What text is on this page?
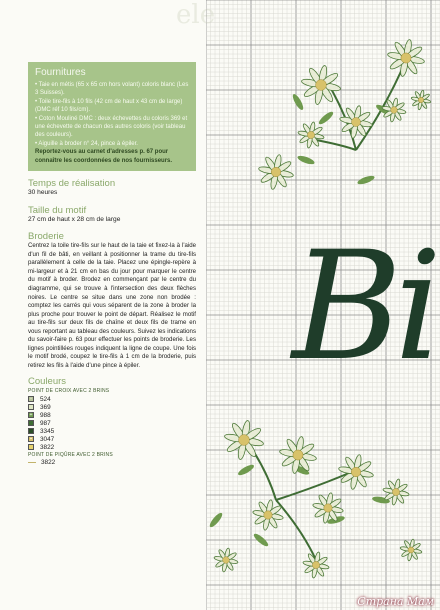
ele
Fournitures

• Taie en métis (65 x 65 cm hors volant) coloris blanc (Les 3 Suisses).

• Toile tire-fils à 10 fils (42 cm de haut x 43 cm de large) (DMC réf 10 fils/cm).

• Coton Mouliné DMC : deux échevettes du coloris 369 et une échevette de chacun des autres coloris (voir tableau des couleurs).

• Aiguille à broder n° 24, pince à épiler.

Reportez-vous au carnet d'adresses p. 67 pour connaître les coordonnées de nos fournisseurs.

Temps de réalisation
30 heures
Taille du motif
27 cm de haut x 28 cm de large
Broderie
Centrez la toile tire-fils sur le haut de la taie et fixez-la à l'aide d'un fil de bâti, en veillant à positionner la trame du tire-fils parallèlement à celle de la taie. Placez une épingle-repère à mi-largeur et à 21 cm en bas du jour pour marquer le centre du motif à broder. Brodez en commençant par le centre du diagramme, qui se trouve à l'intersection des deux flèches noires. Le centre se situe dans une zone non brodée : comptez les carrés qui vous séparent de la zone à broder la plus proche pour trouver le point de départ. Réalisez le motif au tire-fils sur deux fils de chaîne et deux fils de trame en vous reportant au tableau des couleurs. Suivez les indications du savoir-faire p. 63 pour effectuer les points de broderie. Les lignes pointillées rouges indiquent la ligne de coupe. Une fois le motif brodé, coupez le tire-fils à 1 cm de la broderie, puis retirez les fils à l'aide d'une pince à épiler.
Couleurs
POINT DE CROIX AVEC 2 BRINS
▫	524
369
+ 988
987
3345
▪	3047
3822
POINT DE PIQÛRE AVEC 2 BRINS
3822
Bi
Страна Мам
